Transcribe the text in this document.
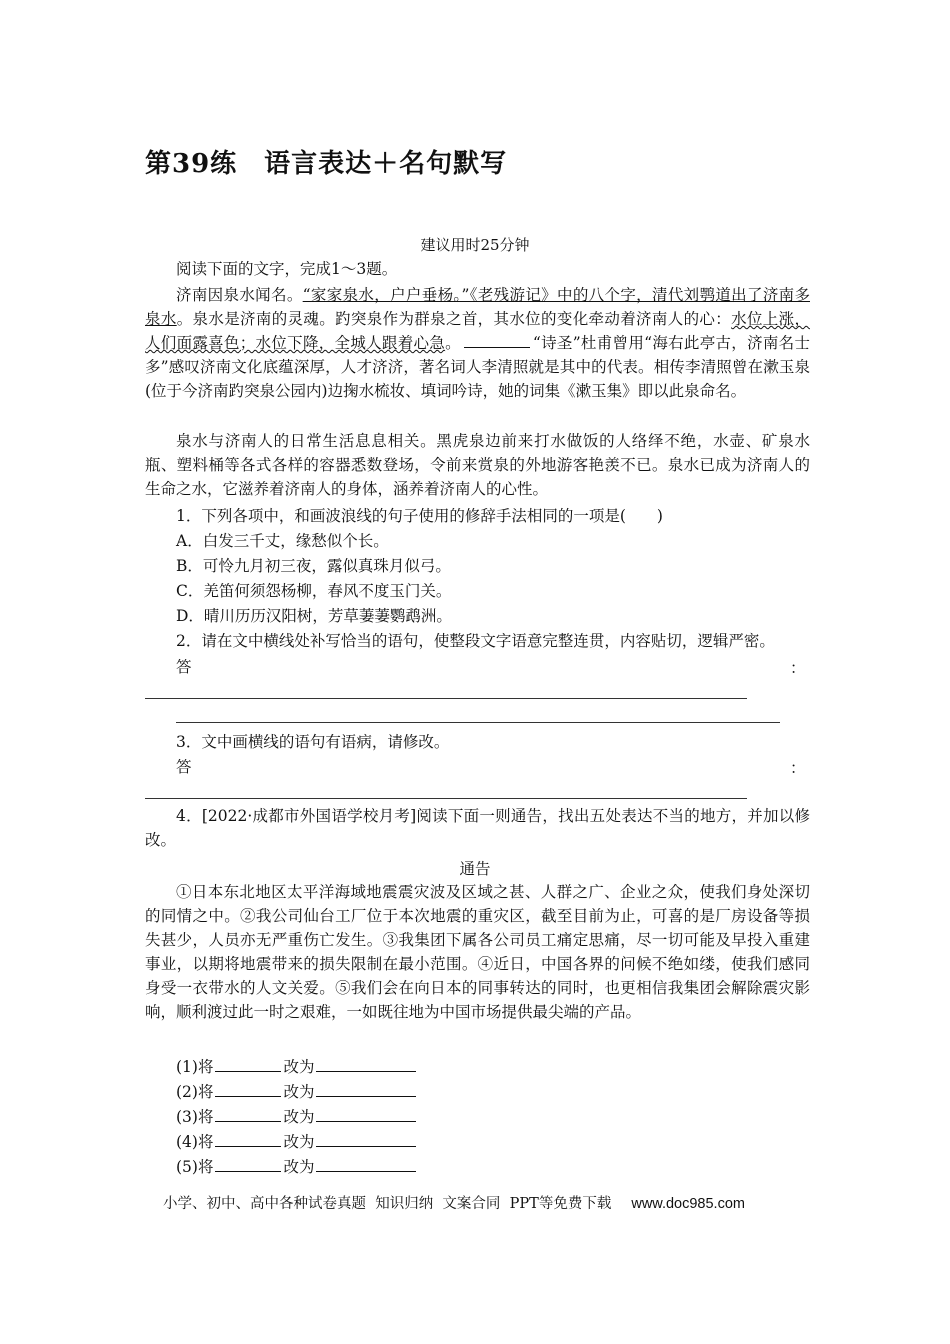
第39练　语言表达＋名句默写
建议用时25分钟

阅读下面的文字，完成1～3题。

济南因泉水闻名。“家家泉水，户户垂杨。”《老残游记》中的八个字，清代刘鹗道出了济南多泉水。泉水是济南的灵魂。趵突泉作为群泉之首，其水位的变化牵动着济南人的心：水位上涨，人们面露喜色；水位下降，全城人跟着心急。	“诗圣”杜甫曾用“海右此亭古，济南名士多”感叹济南文化底蕴深厚，人才济济，著名词人李清照就是其中的代表。相传李清照曾在漱玉泉(位于今济南趵突泉公园内)边掬水梳妆、填词吟诗，她的词集《漱玉集》即以此泉命名。

泉水与济南人的日常生活息息相关。黑虎泉边前来打水做饭的人络绎不绝，水壶、矿泉水瓶、塑料桶等各式各样的容器悉数登场，令前来赏泉的外地游客艳羡不已。泉水已成为济南人的生命之水，它滋养着济南人的身体，涵养着济南人的心性。

1．下列各项中，和画波浪线的句子使用的修辞手法相同的一项是(　　)
A．白发三千丈，缘愁似个长。
B．可怜九月初三夜，露似真珠月似弓。
C．羌笛何须怨杨柳，春风不度玉门关。
D．晴川历历汉阳树，芳草萋萋鹦鹉洲。
2．请在文中横线处补写恰当的语句，使整段文字语意完整连贯，内容贴切，逻辑严密。
答	：
3．文中画横线的语句有语病，请修改。
答	：

4．[2022·成都市外国语学校月考]阅读下面一则通告，找出五处表达不当的地方，并加以修改。

通告

①日本东北地区太平洋海域地震震灾波及区域之甚、人群之广、企业之众，使我们身处深切的同情之中。②我公司仙台工厂位于本次地震的重灾区，截至目前为止，可喜的是厂房设备等损失甚少，人员亦无严重伤亡发生。③我集团下属各公司员工痛定思痛，尽一切可能及早投入重建事业，以期将地震带来的损失限制在最小范围。④近日，中国各界的问候不绝如缕，使我们感同身受一衣带水的人文关爱。⑤我们会在向日本的同事转达的同时，也更相信我集团会解除震灾影响，顺利渡过此一时之艰难，一如既往地为中国市场提供最尖端的产品。

(1)将	改为
(2)将	改为
(3)将	改为
(4)将	改为
(5)将	改为
小学、初中、高中各种试卷真题  知识归纳  文案合同  PPT等免费下载 www.doc985.com
